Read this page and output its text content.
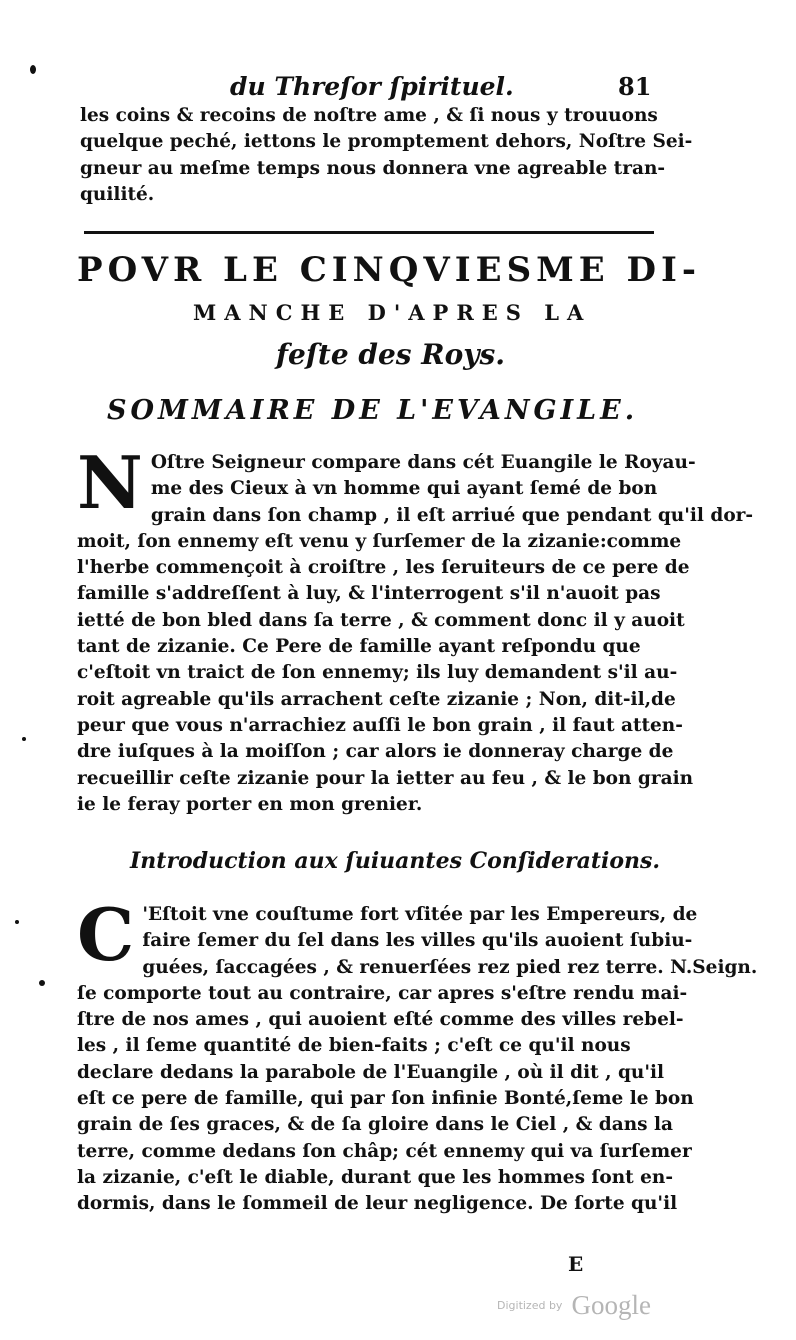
du Threſor ſpirituel.	81
les coins & recoins de noſtre ame , & ſi nous y trouuons
quelque peché, iettons le promptement dehors, Noſtre Sei-
gneur au meſme temps nous donnera vne agreable tran-
quilité.
POVR LE CINQVIESME DI-
MANCHE D'APRES LA
feſte des Roys.
SOMMAIRE DE L'EVANGILE.
N Oſtre Seigneur compare dans cét Euangile le Royau-
me des Cieux à vn homme qui ayant ſemé de bon
grain dans ſon champ , il eſt arriué que pendant qu'il dor-
moit, ſon ennemy eſt venu y ſurſemer de la zizanie:comme
l'herbe commençoit à croiſtre , les ſeruiteurs de ce pere de
famille s'addreſſent à luy, & l'interrogent s'il n'auoit pas
ietté de bon bled dans ſa terre , & comment donc il y auoit
tant de zizanie. Ce Pere de famille ayant reſpondu que
c'eſtoit vn traict de ſon ennemy; ils luy demandent s'il au-
roit agreable qu'ils arrachent ceſte zizanie ; Non, dit-il,de
peur que vous n'arrachiez auſſi le bon grain , il faut atten-
dre iuſques à la moiſſon ; car alors ie donneray charge de
recueillir ceſte zizanie pour la ietter au feu , & le bon grain
ie le feray porter en mon grenier.
Introduction aux ſuiuantes Conſiderations.
C 'Eſtoit vne couſtume fort vſitée par les Empereurs, de
faire ſemer du ſel dans les villes qu'ils auoient ſubiu-
guées, ſaccagées , & renuerſées rez pied rez terre. N.Seign.
ſe comporte tout au contraire, car apres s'eſtre rendu mai-
ſtre de nos ames , qui auoient eſté comme des villes rebel-
les , il ſeme quantité de bien-faits ; c'eſt ce qu'il nous
declare dedans la parabole de l'Euangile , où il dit , qu'il
eſt ce pere de famille, qui par ſon infinie Bonté,ſeme le bon
grain de ſes graces, & de ſa gloire dans le Ciel , & dans la
terre, comme dedans ſon châp; cét ennemy qui va ſurſemer
la zizanie, c'eſt le diable, durant que les hommes ſont en-
dormis, dans le ſommeil de leur negligence. De ſorte qu'il
E
Digitized by Google
